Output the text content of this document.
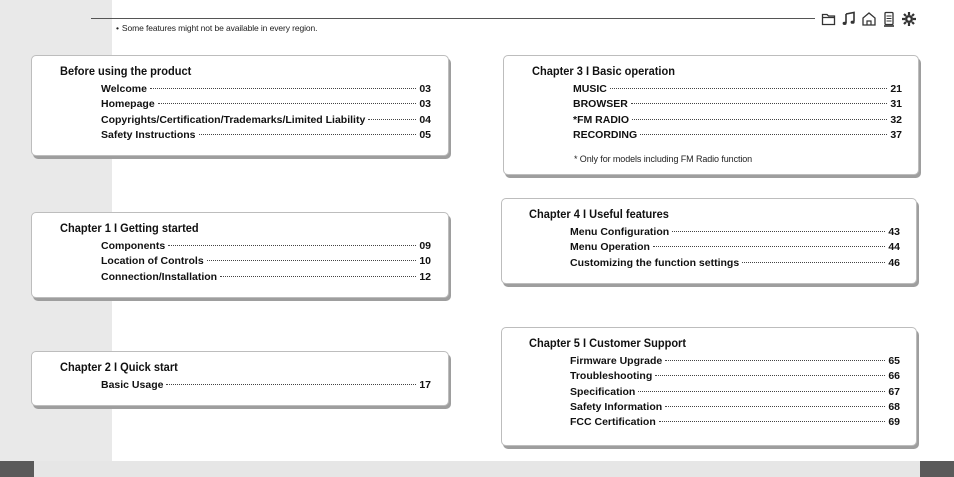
• Some features might not be available in every region.
Before using the product
Welcome	03
Homepage	03
Copyrights/Certification/Trademarks/Limited Liability	04
Safety Instructions	05
Chapter 1 I Getting started
Components	09
Location of Controls	10
Connection/Installation	12
Chapter 2 I Quick start
Basic Usage	17
Chapter 3 I Basic operation
MUSIC	21
BROWSER	31
*FM RADIO	32
RECORDING	37
* Only for models including FM Radio function
Chapter 4 I Useful features
Menu Configuration	43
Menu Operation	44
Customizing the function settings	46
Chapter 5 I Customer Support
Firmware Upgrade	65
Troubleshooting	66
Specification	67
Safety Information	68
FCC Certification	69
